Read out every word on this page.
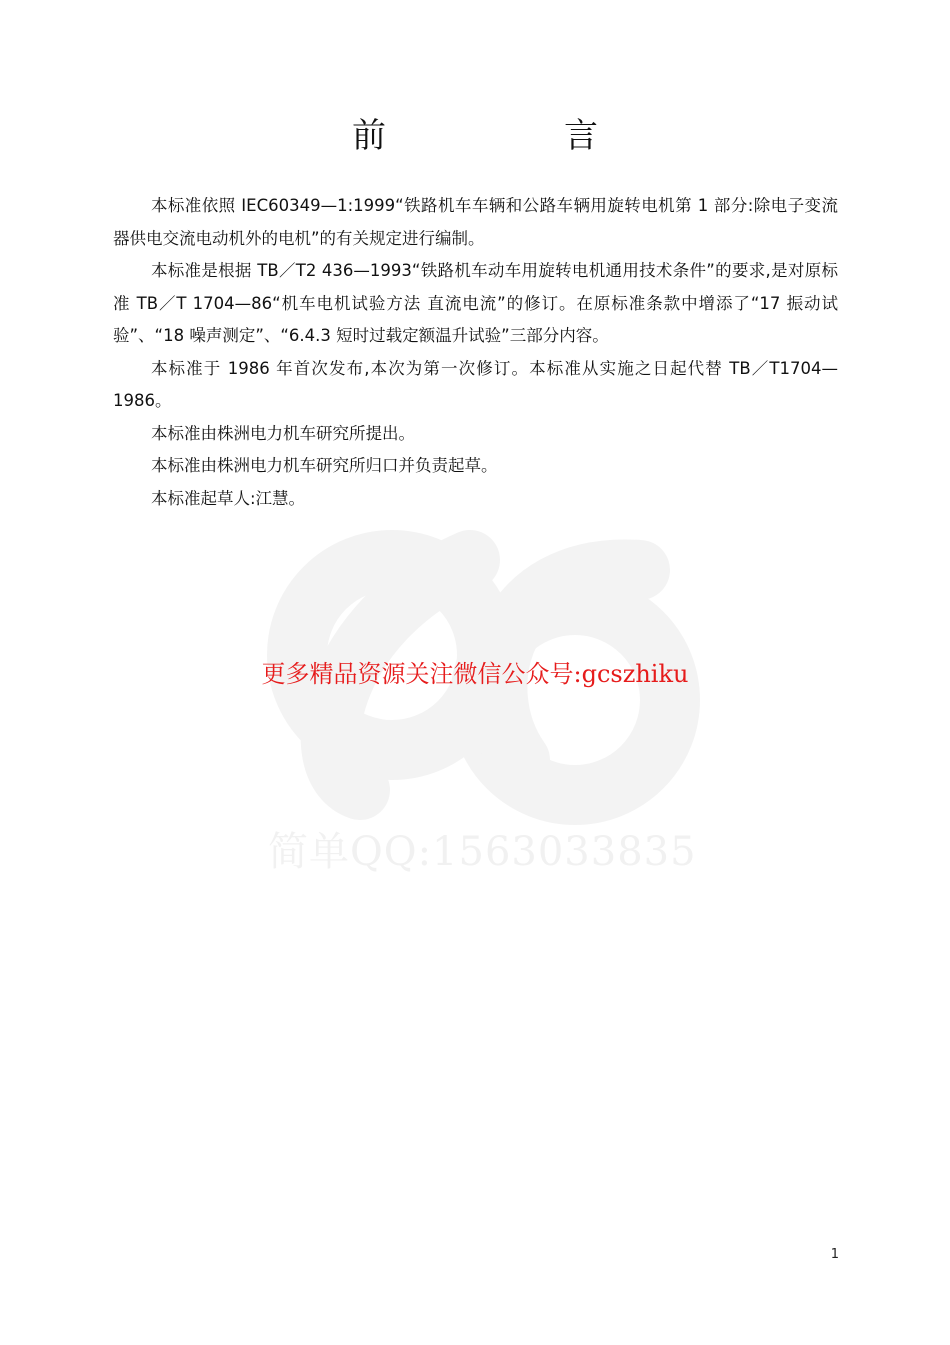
简单QQ:1563033835
前　言

本标准依照 IEC60349—1:1999“铁路机车车辆和公路车辆用旋转电机第 1 部分:除电子变流器供电交流电动机外的电机”的有关规定进行编制。

本标准是根据 TB／T2 436—1993“铁路机车动车用旋转电机通用技术条件”的要求,是对原标准 TB／T 1704—86“机车电机试验方法 直流电流”的修订。在原标准条款中增添了“17 振动试验”、“18 噪声测定”、“6.4.3 短时过载定额温升试验”三部分内容。

本标准于 1986 年首次发布,本次为第一次修订。本标准从实施之日起代替 TB／T1704—1986。

本标准由株洲电力机车研究所提出。

本标准由株洲电力机车研究所归口并负责起草。

本标准起草人:江慧。

更多精品资源关注微信公众号:gcszhiku
1
